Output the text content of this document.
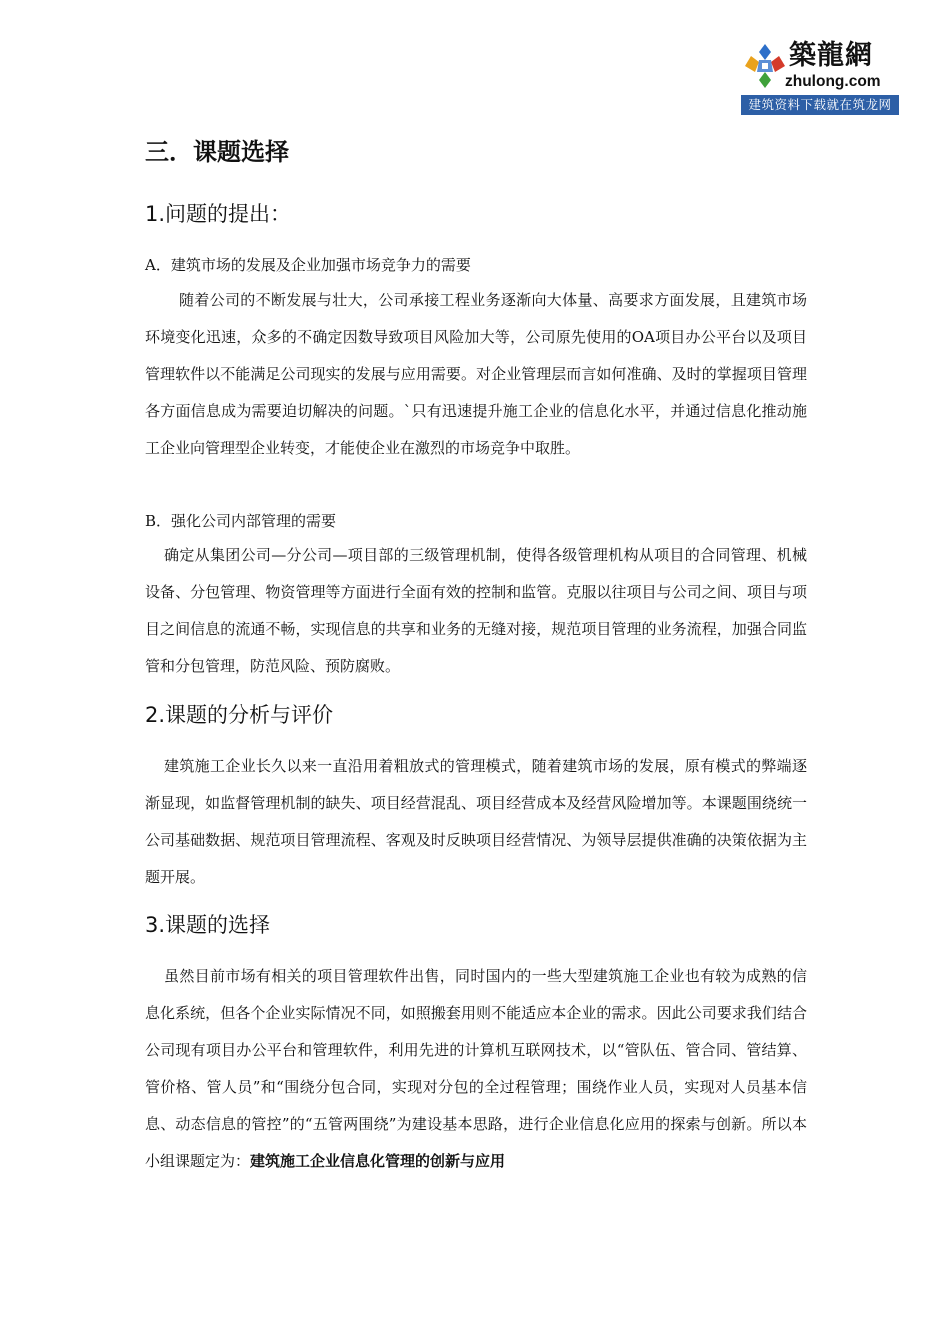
築龍網
zhulong.com
建筑资料下载就在筑龙网
三．课题选择
1.问题的提出：
A．建筑市场的发展及企业加强市场竞争力的需要
随着公司的不断发展与壮大，公司承接工程业务逐渐向大体量、高要求方面发展，且建筑市场环境变化迅速，众多的不确定因数导致项目风险加大等，公司原先使用的OA项目办公平台以及项目管理软件以不能满足公司现实的发展与应用需要。对企业管理层而言如何准确、及时的掌握项目管理各方面信息成为需要迫切解决的问题。`只有迅速提升施工企业的信息化水平，并通过信息化推动施工企业向管理型企业转变，才能使企业在激烈的市场竞争中取胜。
B．强化公司内部管理的需要
确定从集团公司—分公司—项目部的三级管理机制，使得各级管理机构从项目的合同管理、机械设备、分包管理、物资管理等方面进行全面有效的控制和监管。克服以往项目与公司之间、项目与项目之间信息的流通不畅，实现信息的共享和业务的无缝对接，规范项目管理的业务流程，加强合同监管和分包管理，防范风险、预防腐败。
2.课题的分析与评价
建筑施工企业长久以来一直沿用着粗放式的管理模式，随着建筑市场的发展，原有模式的弊端逐渐显现，如监督管理机制的缺失、项目经营混乱、项目经营成本及经营风险增加等。本课题围绕统一公司基础数据、规范项目管理流程、客观及时反映项目经营情况、为领导层提供准确的决策依据为主题开展。
3.课题的选择
虽然目前市场有相关的项目管理软件出售，同时国内的一些大型建筑施工企业也有较为成熟的信息化系统，但各个企业实际情况不同，如照搬套用则不能适应本企业的需求。因此公司要求我们结合公司现有项目办公平台和管理软件，利用先进的计算机互联网技术，以“管队伍、管合同、管结算、管价格、管人员”和“围绕分包合同，实现对分包的全过程管理；围绕作业人员，实现对人员基本信息、动态信息的管控”的“五管两围绕”为建设基本思路，进行企业信息化应用的探索与创新。所以本小组课题定为：建筑施工企业信息化管理的创新与应用
